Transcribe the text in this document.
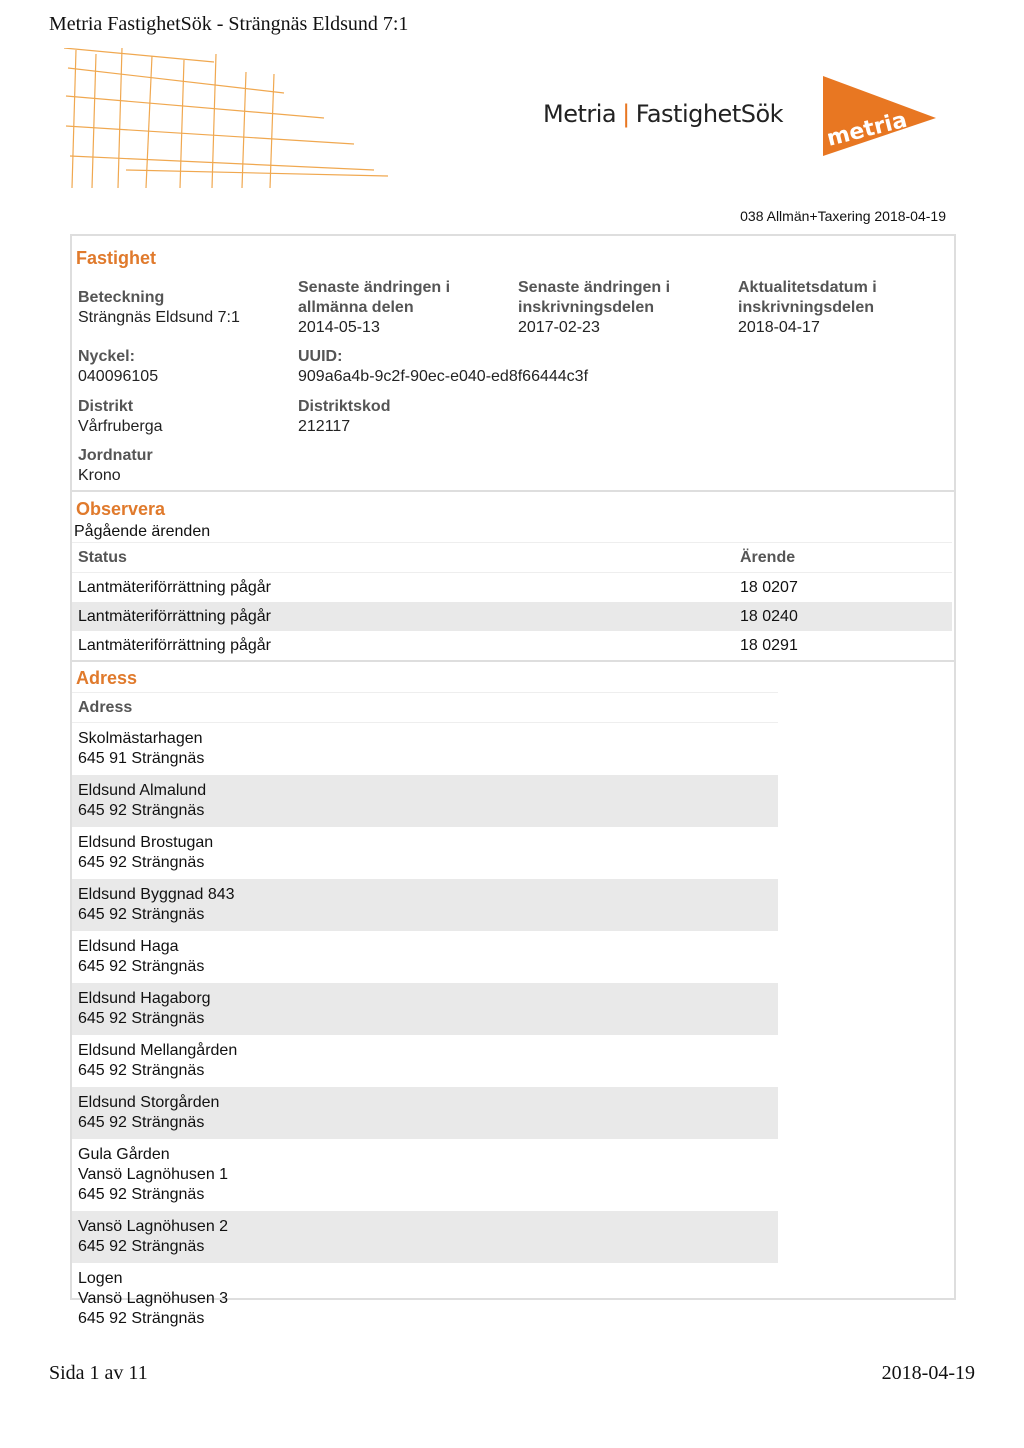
Metria FastighetSök - Strängnäs Eldsund 7:1
Metria | FastighetSök metria
038 Allmän+Taxering 2018-04-19
Fastighet
Beteckning
Strängnäs Eldsund 7:1
Senaste ändringen i allmänna delen
2014-05-13
Senaste ändringen i inskrivningsdelen
2017-02-23
Aktualitetsdatum i inskrivningsdelen
2018-04-17
Nyckel:
040096105
UUID:
909a6a4b-9c2f-90ec-e040-ed8f66444c3f
Distrikt
Vårfruberga
Distriktskod
212117
Jordnatur
Krono
Observera
Pågående ärenden
Status	Ärende
Lantmäteriförrättning pågår	18 0207
Lantmäteriförrättning pågår	18 0240
Lantmäteriförrättning pågår	18 0291
Adress
Adress

Skolmästarhagen
645 91 Strängnäs

Eldsund Almalund
645 92 Strängnäs

Eldsund Brostugan
645 92 Strängnäs

Eldsund Byggnad 843
645 92 Strängnäs

Eldsund Haga
645 92 Strängnäs

Eldsund Hagaborg
645 92 Strängnäs

Eldsund Mellangården
645 92 Strängnäs

Eldsund Storgården
645 92 Strängnäs

Gula Gården
Vansö Lagnöhusen 1
645 92 Strängnäs

Vansö Lagnöhusen 2
645 92 Strängnäs

Logen
Vansö Lagnöhusen 3
645 92 Strängnäs
Sida 1 av 11	2018-04-19
